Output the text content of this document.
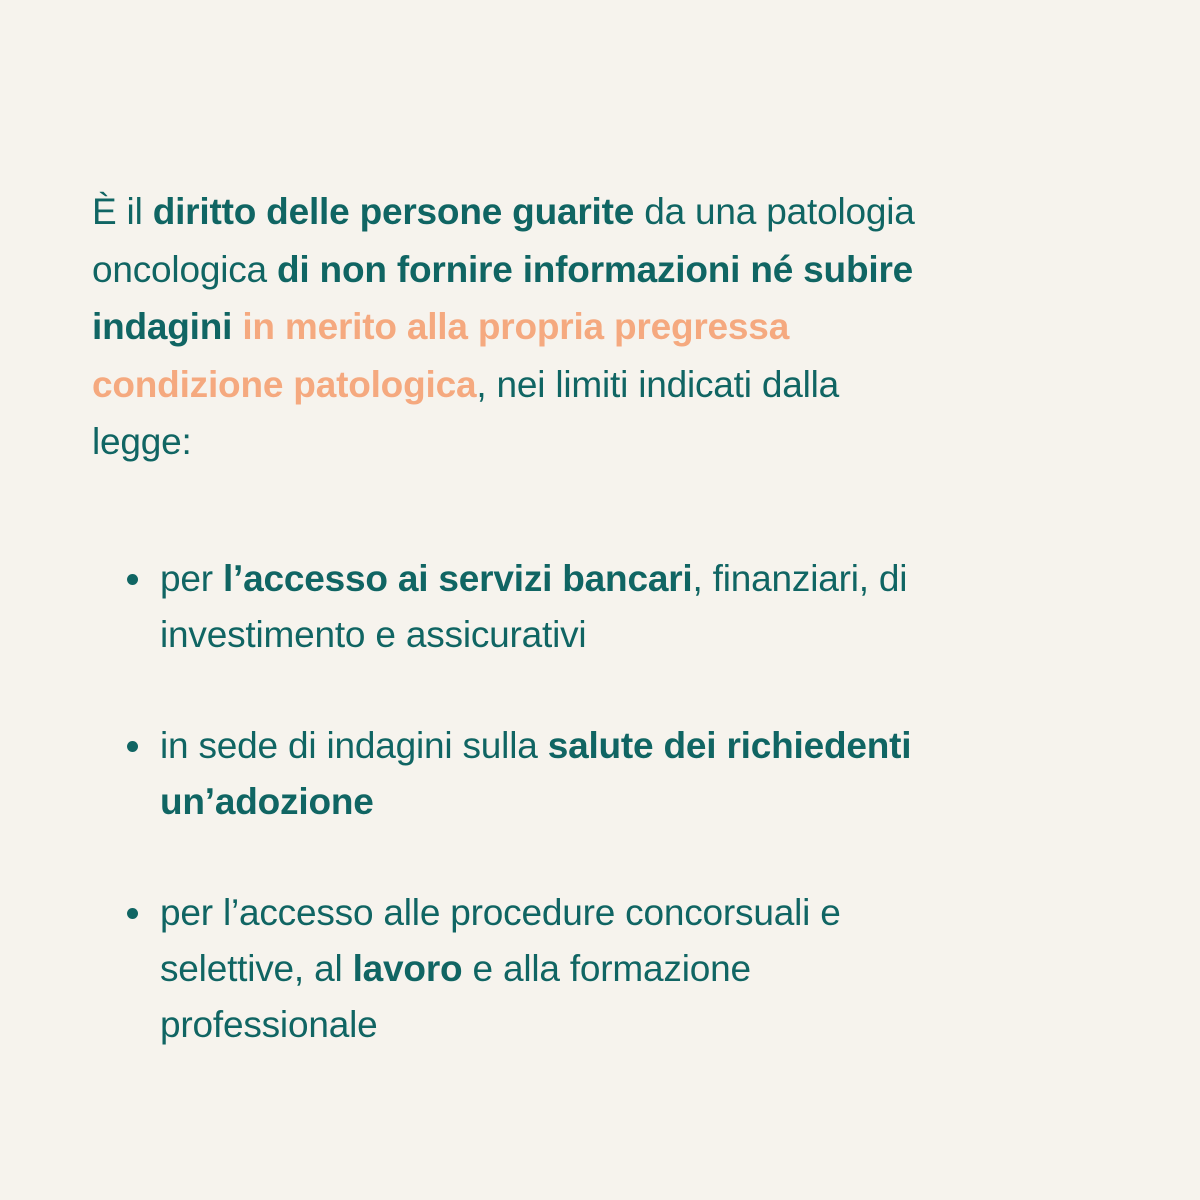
È il diritto delle persone guarite da una patologia
oncologica di non fornire informazioni né subire
indagini in merito alla propria pregressa
condizione patologica, nei limiti indicati dalla
legge:

per l’accesso ai servizi bancari, finanziari, di
investimento e assicurativi
in sede di indagini sulla salute dei richiedenti
un’adozione
per l’accesso alle procedure concorsuali e
selettive, al lavoro e alla formazione
professionale
